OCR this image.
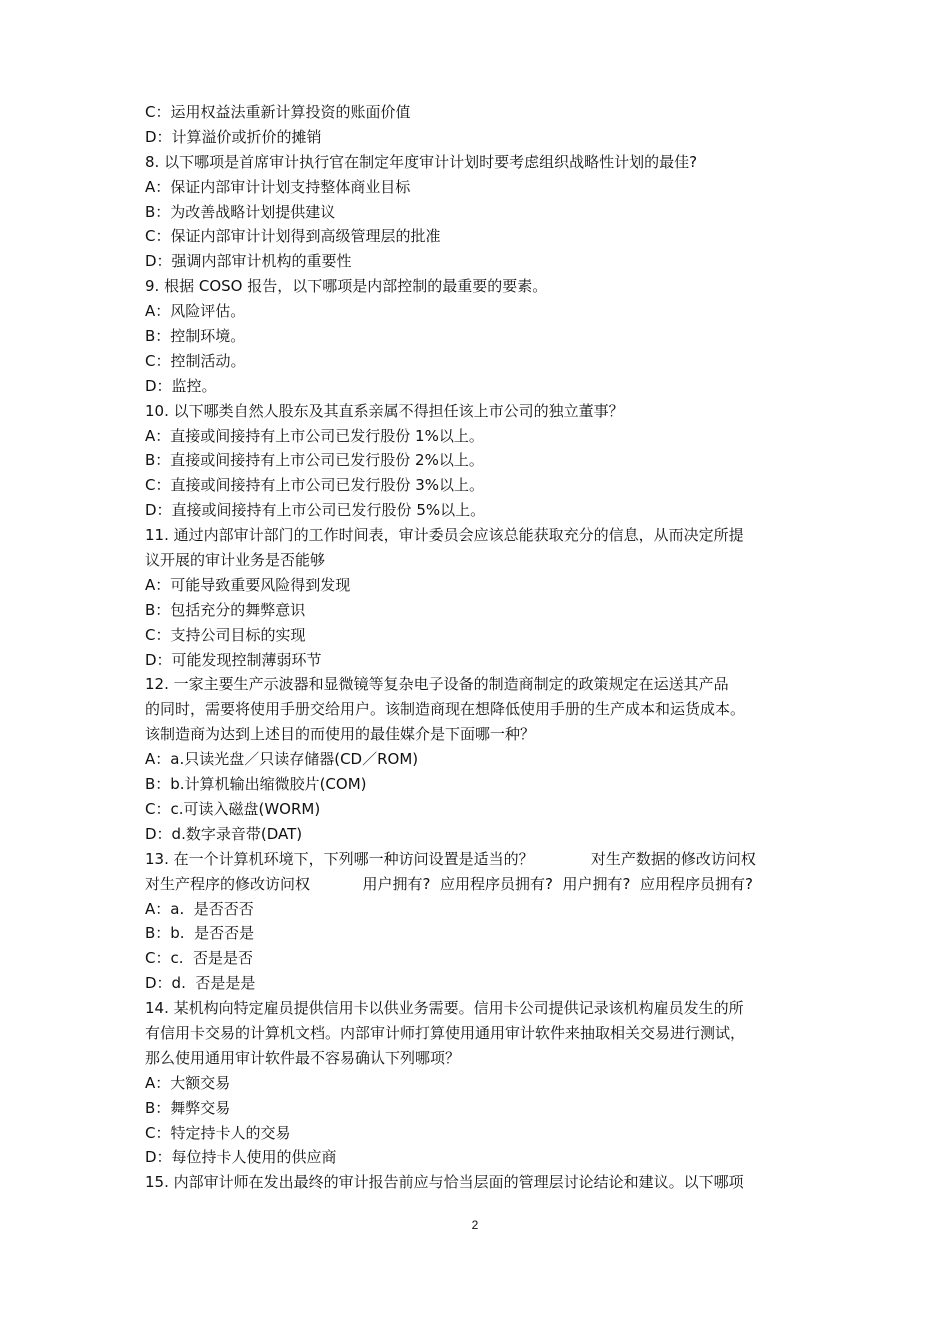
C：运用权益法重新计算投资的账面价值
D：计算溢价或折价的摊销
8. 以下哪项是首席审计执行官在制定年度审计计划时要考虑组织战略性计划的最佳?
A：保证内部审计计划支持整体商业目标
B：为改善战略计划提供建议
C：保证内部审计计划得到高级管理层的批准
D：强调内部审计机构的重要性
9. 根据 COSO 报告，以下哪项是内部控制的最重要的要素。
A：风险评估。
B：控制环境。
C：控制活动。
D：监控。
10. 以下哪类自然人股东及其直系亲属不得担任该上市公司的独立董事？
A：直接或间接持有上市公司已发行股份 1%以上。
B：直接或间接持有上市公司已发行股份 2%以上。
C：直接或间接持有上市公司已发行股份 3%以上。
D：直接或间接持有上市公司已发行股份 5%以上。
11. 通过内部审计部门的工作时间表，审计委员会应该总能获取充分的信息，从而决定所提
议开展的审计业务是否能够
A：可能导致重要风险得到发现
B：包括充分的舞弊意识
C：支持公司目标的实现
D：可能发现控制薄弱环节
12. 一家主要生产示波器和显微镜等复杂电子设备的制造商制定的政策规定在运送其产品
的同时，需要将使用手册交给用户。该制造商现在想降低使用手册的生产成本和运货成本。
该制造商为达到上述目的而使用的最佳媒介是下面哪一种？
A：a.只读光盘／只读存储器(CD／ROM)
B：b.计算机输出缩微胶片(COM)
C：c.可读入磁盘(WORM)
D：d.数字录音带(DAT)
13. 在一个计算机环境下，下列哪一种访问设置是适当的？            对生产数据的修改访问权
对生产程序的修改访问权           用户拥有?  应用程序员拥有?  用户拥有?  应用程序员拥有?
A：a.  是否否否
B：b.  是否否是
C：c.  否是是否
D：d.  否是是是
14. 某机构向特定雇员提供信用卡以供业务需要。信用卡公司提供记录该机构雇员发生的所
有信用卡交易的计算机文档。内部审计师打算使用通用审计软件来抽取相关交易进行测试，
那么使用通用审计软件最不容易确认下列哪项？
A：大额交易
B：舞弊交易
C：特定持卡人的交易
D：每位持卡人使用的供应商
15. 内部审计师在发出最终的审计报告前应与恰当层面的管理层讨论结论和建议。以下哪项
2
